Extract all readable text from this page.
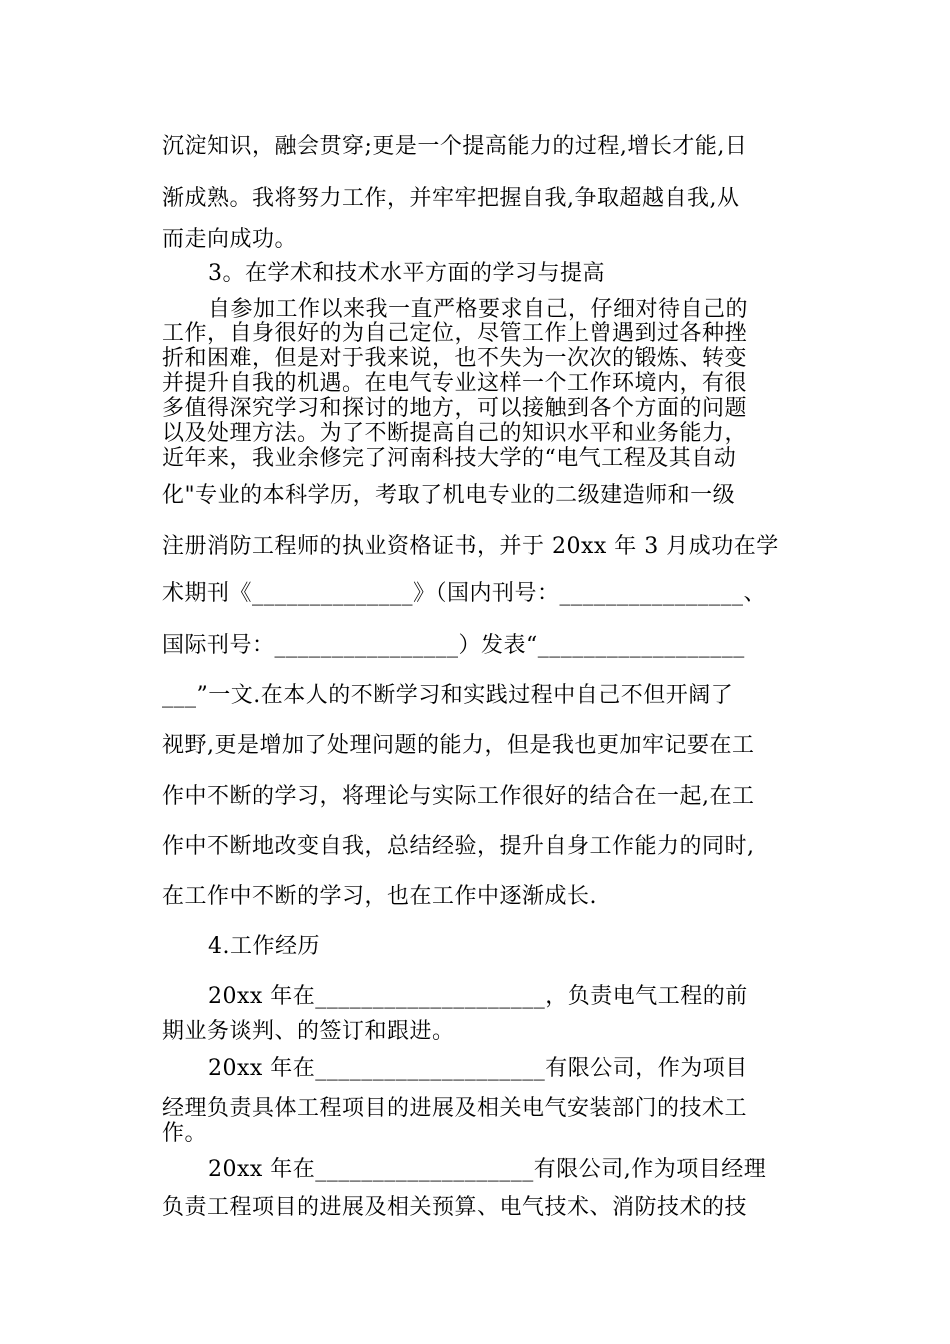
沉淀知识，融会贯穿;更是一个提高能力的过程,增长才能,日

渐成熟。我将努力工作，并牢牢把握自我,争取超越自我,从

而走向成功。

3。在学术和技术水平方面的学习与提高

自参加工作以来我一直严格要求自己，仔细对待自己的

工作，自身很好的为自己定位，尽管工作上曾遇到过各种挫

折和困难，但是对于我来说，也不失为一次次的锻炼、转变

并提升自我的机遇。在电气专业这样一个工作环境内，有很

多值得深究学习和探讨的地方，可以接触到各个方面的问题

以及处理方法。为了不断提高自己的知识水平和业务能力，

近年来，我业余修完了河南科技大学的“电气工程及其自动

化"专业的本科学历，考取了机电专业的二级建造师和一级

注册消防工程师的执业资格证书，并于 20xx 年 3 月成功在学

术期刊《______________》（国内刊号：________________、

国际刊号：________________）发表“__________________

___”一文.在本人的不断学习和实践过程中自己不但开阔了

视野,更是增加了处理问题的能力，但是我也更加牢记要在工

作中不断的学习，将理论与实际工作很好的结合在一起,在工

作中不断地改变自我，总结经验，提升自身工作能力的同时,

在工作中不断的学习，也在工作中逐渐成长.

4.工作经历

20xx 年在____________________，负责电气工程的前

期业务谈判、的签订和跟进。

20xx 年在____________________有限公司，作为项目

经理负责具体工程项目的进展及相关电气安装部门的技术工

作。

20xx 年在___________________有限公司,作为项目经理

负责工程项目的进展及相关预算、电气技术、消防技术的技
